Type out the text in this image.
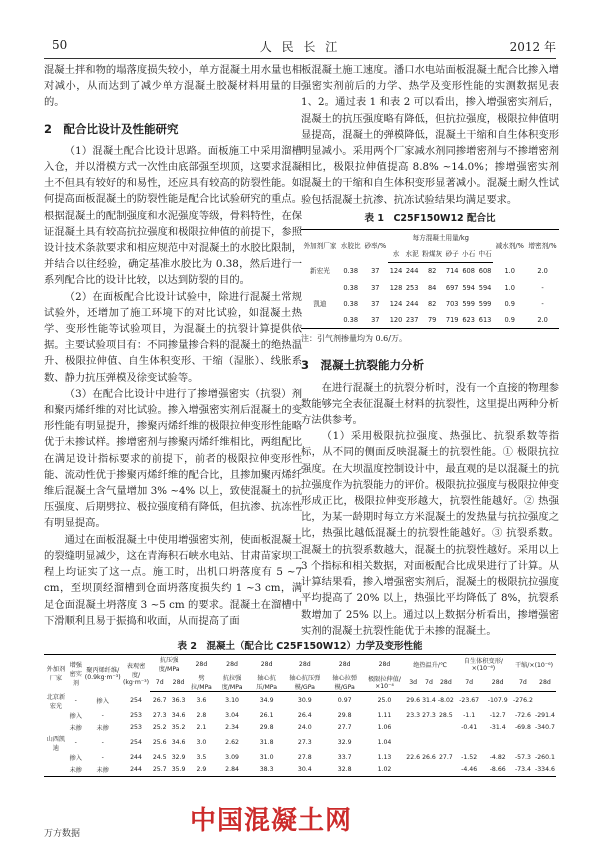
50	人 民 长 江	2012 年

混凝土拌和物的塌落度损失较小，单方混凝土用水量也相对减小，从而达到了减少单方混凝土胶凝材料用量的目的。

2　配合比设计及性能研究

（1）混凝土配合比设计思路。面板施工中采用溜槽入仓，并以滑模方式一次性由底部强至坝顶，这要求混凝土不但具有较好的和易性，还应具有较高的防裂性能。如何提高面板混凝土的防裂性能是配合比试验研究的重点。根据混凝土的配制强度和水泥强度等级，骨料特性，在保证混凝土具有较高抗拉强度和极限拉伸值的前提下，参照设计技术条款要求和相应规范中对混凝土的水胶比限制，并结合以往经验，确定基准水胶比为 0.38，然后进行一系列配合比的设计比较，以达到防裂的目的。

（2）在面板配合比设计试验中，除进行混凝土常规试验外，还增加了施工环境下的对比试验，如混凝土热学、变形性能等试验项目，为混凝土的抗裂计算提供依据。主要试验项目有：不同掺量掺合料的混凝土的绝热温升、极限拉伸值、自生体积变形、干缩（湿胀）、线胀系数、静力抗压弹模及徐变试验等。

（3）在配合比设计中进行了掺增强密实（抗裂）剂和聚丙烯纤维的对比试验。掺入增强密实剂后混凝土的变形性能有明显提升，掺聚丙烯纤维的极限拉伸变形性能略优于未掺试样。掺增密剂与掺聚丙烯纤维相比，两组配比在满足设计指标要求的前提下，前者的极限拉伸变形性能、流动性优于掺聚丙烯纤维的配合比，且掺加聚丙烯纤维后混凝土含气量增加 3% ~4% 以上，致使混凝土的抗压强度、后期劈拉、极拉强度稍有降低，但抗渗、抗冻性有明显提高。

通过在面板混凝土中使用增强密实剂，使面板混凝土的裂缝明显减少，这在青海积石峡水电站、甘肃苗家坝工程上均证实了这一点。施工时，出机口坍落度有 5 ~7 cm，至坝顶经溜槽到仓面坍落度损失约 1 ~3 cm，满足仓面混凝土坍落度 3 ~5 cm 的要求。混凝土在溜槽中下滑顺利且易于振捣和收面，从而提高了面

板混凝土施工速度。潘口水电站面板混凝土配合比掺入增强密实剂前后的力学、热学及变形性能的实测数据见表 1、2。通过表 1 和表 2 可以看出，掺入增强密实剂后，混凝土的抗压强度略有降低，但抗拉强度，极限拉伸值明显提高，混凝土的弹模降低，混凝土干缩和自生体积变形明显减小。采用两个厂家减水剂同掺增密剂与不掺增密剂相比，极限拉伸值提高 8.8% ~14.0%；掺增强密实剂混凝土的干缩和自生体积变形显著减小。混凝土耐久性试验包括混凝土抗渗、抗冻试验结果均满足要求。

表 1　C25F150W12 配合比
外加剂厂家	水胶比	砂率/%	每方混凝土用量/kg						减水剂/%	增密剂/%
			水	水泥	粉煤灰	砂子	小石	中石		
新宏光	0.38	37	124	244	82	714	608	608	1.0	2.0
	0.38	37	128	253	84	697	594	594	1.0	-
凯迪	0.38	37	124	244	82	703	599	599	0.9	-
	0.38	37	120	237	79	719	623	613	0.9	2.0
注：引气剂掺量均为 0.6/万。
3　混凝土抗裂能力分析

在进行混凝土的抗裂分析时，没有一个直接的物理参数能够完全表征混凝土材料的抗裂性，这里提出两种分析方法供参考。

（1）采用极限抗拉强度、热强比、抗裂系数等指标，从不同的侧面反映混凝土的抗裂性能。① 极限抗拉强度。在大坝温度控制设计中，最直观的是以混凝土的抗拉强度作为抗裂能力的评价。极限抗拉强度与极限拉伸变形成正比，极限拉伸变形越大，抗裂性能越好。② 热强比，为某一龄期时每立方米混凝土的发热量与抗拉强度之比，热强比越低混凝土的抗裂性能越好。③ 抗裂系数。混凝土的抗裂系数越大，混凝土的抗裂性越好。采用以上 3 个指标和相关数据，对面板配合比成果进行了计算。从计算结果看，掺入增强密实剂后，混凝土的极限抗拉强度平均提高了 20% 以上，热强比平均降低了 8%，抗裂系数增加了 25% 以上。通过以上数据分析看出，掺增强密实剂的混凝土抗裂性能优于未掺的混凝土。

表 2　混凝土（配合比 C25F150W12）力学及变形性能
外加剂
厂家	增强
密实剂	聚丙烯纤维/
(0.9kg·m⁻³)	表观密度/
(kg·m⁻³)	抗压强度/MPa		28d	28d	28d	28d	28d	28d	绝热温升/℃			自生体积变形/×(10⁻⁶)		干缩/×(10⁻⁶)	
				7d	28d	劈拉/MPa	抗拉强度/MPa	轴心抗压/MPa	轴心抗压弹模/GPa	轴心拉弹模/GPa	极限拉伸值/×10⁻⁴	3d	7d	28d	7d	28d	7d	28d
北京新宏光	-	掺入	254	26.7	36.3	3.6	3.10	34.9	30.9	0.97	25.0	29.6	31.4	-8.02	-23.67	-107.9	-276.2	
	掺入	-	253	27.3	34.6	2.8	3.04	26.1	26.4	29.8	1.11	23.3	27.3	28.5	-1.1	-12.7	-72.6	-291.4
	未掺	未掺	253	25.2	35.2	2.1	2.34	29.8	24.0	27.7	1.06				-0.41	-31.4	-69.8	-340.7
山西凯迪	-	-	254	25.6	34.6	3.0	2.62	31.8	27.3	32.9	1.04							
	掺入	-	244	24.5	32.9	3.5	3.09	31.0	27.8	33.7	1.13	22.6	26.6	27.7	-1.52	-4.82	-57.3	-260.1
	未掺	未掺	244	25.7	35.9	2.9	2.84	38.3	30.4	32.8	1.02				-4.46	-8.66	-73.4	-334.6
中国混凝土网
万方数据
